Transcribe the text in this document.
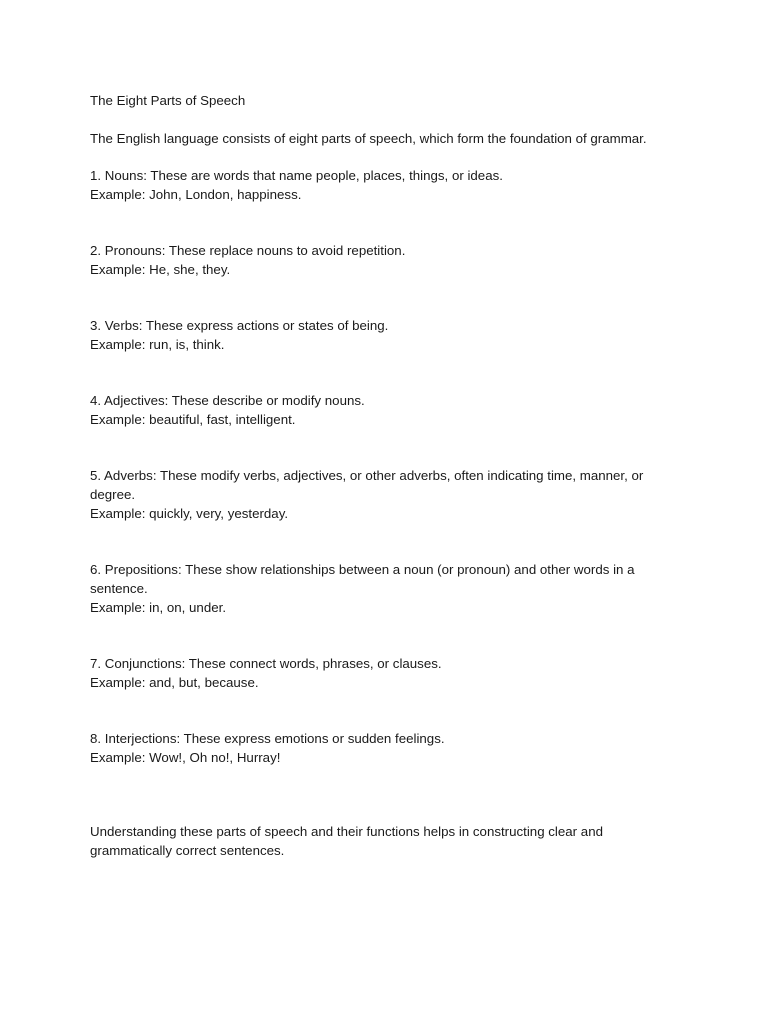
The Eight Parts of Speech
The English language consists of eight parts of speech, which form the foundation of grammar.
1. Nouns: These are words that name people, places, things, or ideas.
Example: John, London, happiness.
2. Pronouns: These replace nouns to avoid repetition.
Example: He, she, they.
3. Verbs: These express actions or states of being.
Example: run, is, think.
4. Adjectives: These describe or modify nouns.
Example: beautiful, fast, intelligent.
5. Adverbs: These modify verbs, adjectives, or other adverbs, often indicating time, manner, or degree.
Example: quickly, very, yesterday.
6. Prepositions: These show relationships between a noun (or pronoun) and other words in a sentence.
Example: in, on, under.
7. Conjunctions: These connect words, phrases, or clauses.
Example: and, but, because.
8. Interjections: These express emotions or sudden feelings.
Example: Wow!, Oh no!, Hurray!
Understanding these parts of speech and their functions helps in constructing clear and grammatically correct sentences.
